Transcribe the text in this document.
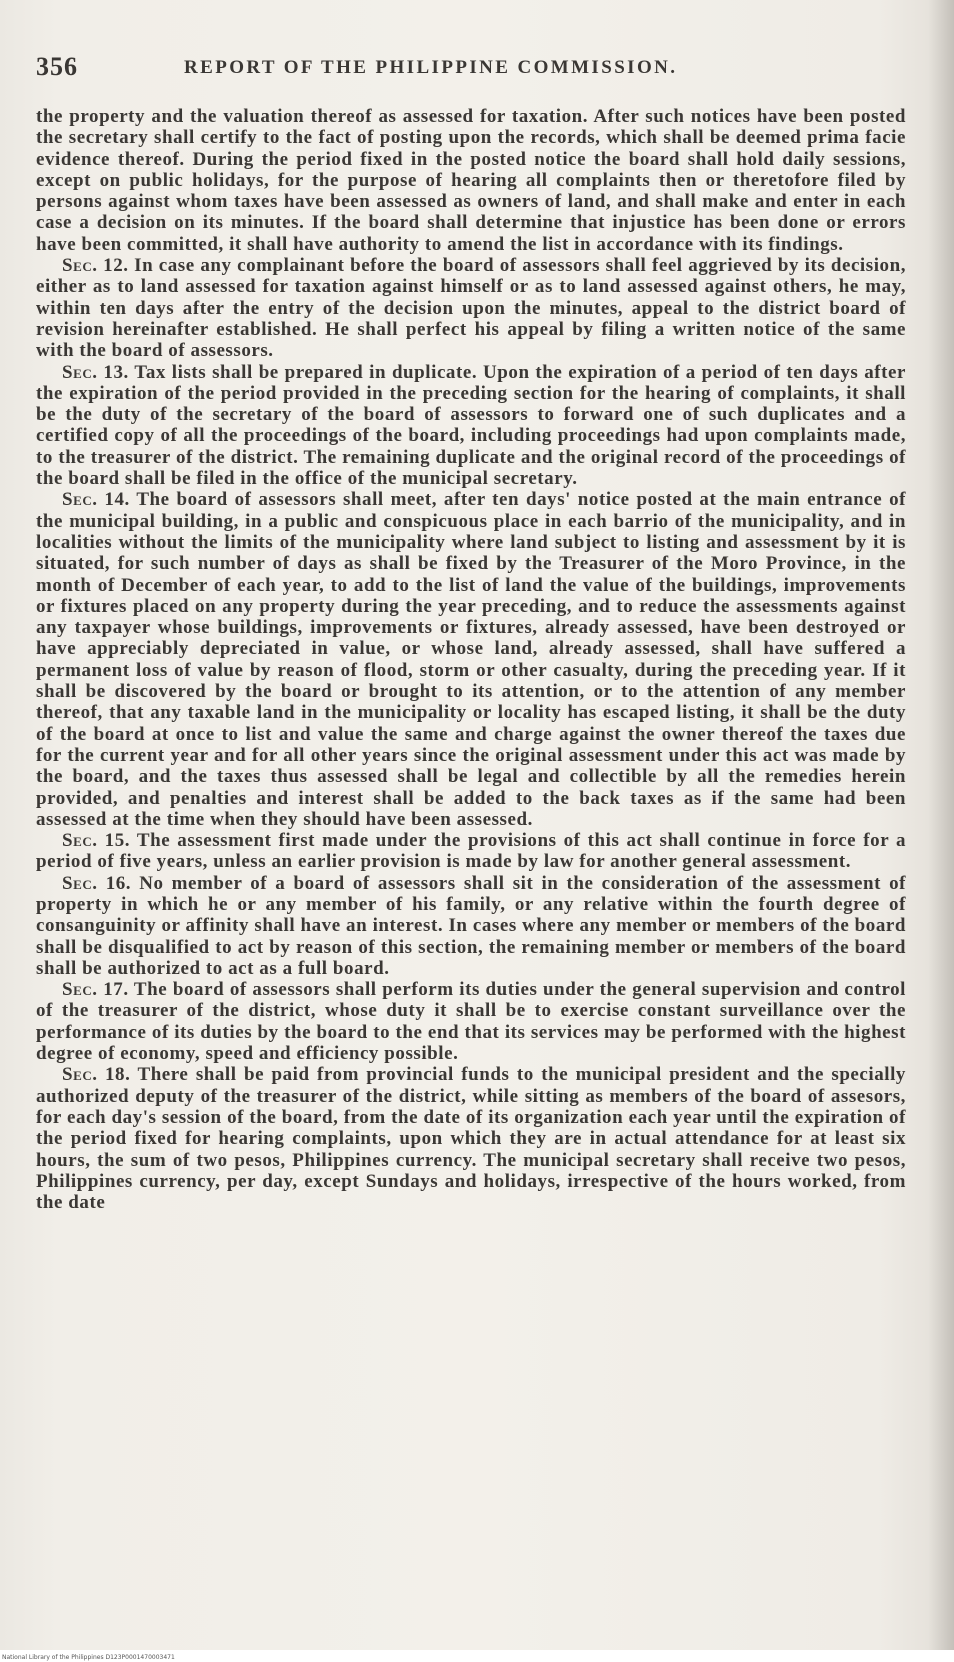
356	REPORT OF THE PHILIPPINE COMMISSION.

the property and the valuation thereof as assessed for taxation. After such notices have been posted the secretary shall certify to the fact of posting upon the records, which shall be deemed prima facie evidence thereof. During the period fixed in the posted notice the board shall hold daily sessions, except on public holidays, for the purpose of hearing all complaints then or theretofore filed by persons against whom taxes have been assessed as owners of land, and shall make and enter in each case a decision on its minutes. If the board shall determine that injustice has been done or errors have been committed, it shall have authority to amend the list in accordance with its findings.

Sec. 12. In case any complainant before the board of assessors shall feel aggrieved by its decision, either as to land assessed for taxation against himself or as to land assessed against others, he may, within ten days after the entry of the decision upon the minutes, appeal to the district board of revision hereinafter established. He shall perfect his appeal by filing a written notice of the same with the board of assessors.

Sec. 13. Tax lists shall be prepared in duplicate. Upon the expiration of a period of ten days after the expiration of the period provided in the preceding section for the hearing of complaints, it shall be the duty of the secretary of the board of assessors to forward one of such duplicates and a certified copy of all the proceedings of the board, including proceedings had upon complaints made, to the treasurer of the district. The remaining duplicate and the original record of the proceedings of the board shall be filed in the office of the municipal secretary.

Sec. 14. The board of assessors shall meet, after ten days' notice posted at the main entrance of the municipal building, in a public and conspicuous place in each barrio of the municipality, and in localities without the limits of the municipality where land subject to listing and assessment by it is situated, for such number of days as shall be fixed by the Treasurer of the Moro Province, in the month of December of each year, to add to the list of land the value of the buildings, improvements or fixtures placed on any property during the year preceding, and to reduce the assessments against any taxpayer whose buildings, improvements or fixtures, already assessed, have been destroyed or have appreciably depreciated in value, or whose land, already assessed, shall have suffered a permanent loss of value by reason of flood, storm or other casualty, during the preceding year. If it shall be discovered by the board or brought to its attention, or to the attention of any member thereof, that any taxable land in the municipality or locality has escaped listing, it shall be the duty of the board at once to list and value the same and charge against the owner thereof the taxes due for the current year and for all other years since the original assessment under this act was made by the board, and the taxes thus assessed shall be legal and collectible by all the remedies herein provided, and penalties and interest shall be added to the back taxes as if the same had been assessed at the time when they should have been assessed.

Sec. 15. The assessment first made under the provisions of this act shall continue in force for a period of five years, unless an earlier provision is made by law for another general assessment.

Sec. 16. No member of a board of assessors shall sit in the consideration of the assessment of property in which he or any member of his family, or any relative within the fourth degree of consanguinity or affinity shall have an interest. In cases where any member or members of the board shall be disqualified to act by reason of this section, the remaining member or members of the board shall be authorized to act as a full board.

Sec. 17. The board of assessors shall perform its duties under the general supervision and control of the treasurer of the district, whose duty it shall be to exercise constant surveillance over the performance of its duties by the board to the end that its services may be performed with the highest degree of economy, speed and efficiency possible.

Sec. 18. There shall be paid from provincial funds to the municipal president and the specially authorized deputy of the treasurer of the district, while sitting as members of the board of assesors, for each day's session of the board, from the date of its organization each year until the expiration of the period fixed for hearing complaints, upon which they are in actual attendance for at least six hours, the sum of two pesos, Philippines currency. The municipal secretary shall receive two pesos, Philippines currency, per day, except Sundays and holidays, irrespective of the hours worked, from the date

National Library of the Philippines D123P0001470003471
